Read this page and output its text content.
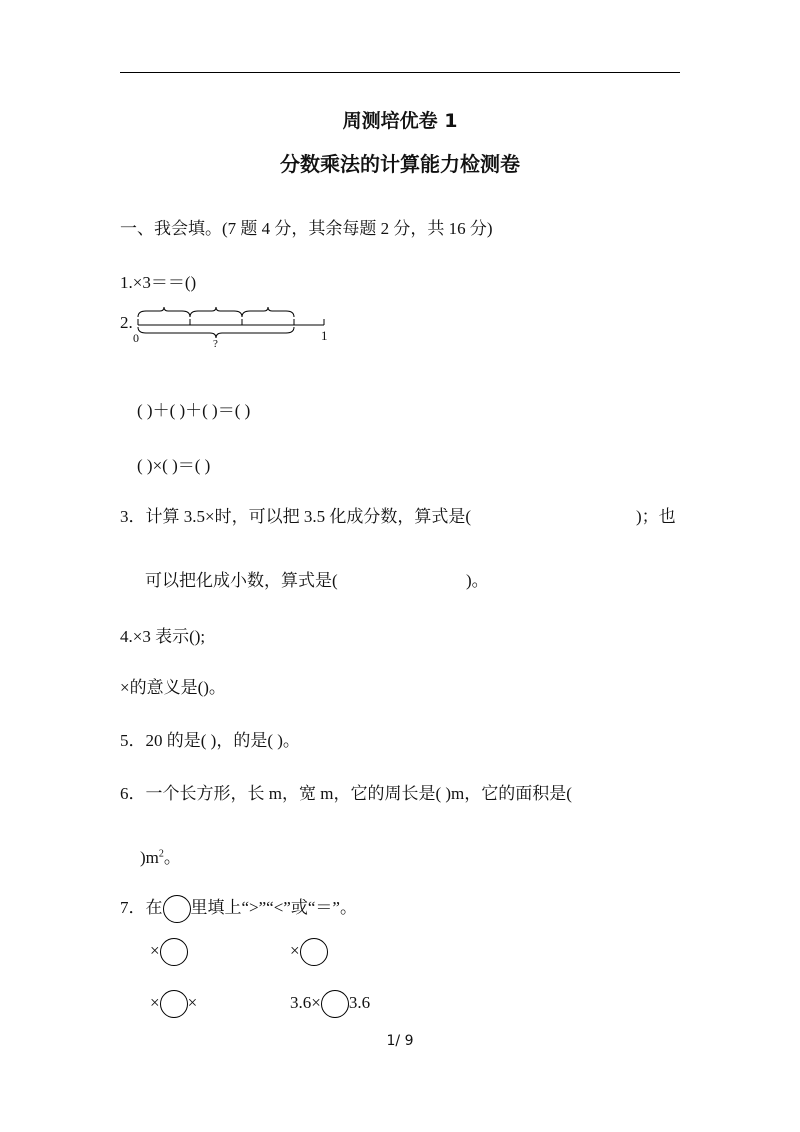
周测培优卷 1
分数乘法的计算能力检测卷
一、我会填。(7 题 4 分，其余每题 2 分，共 16 分)
1.×3＝＝()
2.
0	1
?
( )＋( )＋( )＝( )
( )×( )＝( )
3．计算 3.5×时，可以把 3.5 化成分数，算式是(	)；也
可以把化成小数，算式是(	)。
4.×3 表示();
×的意义是()。
5．20 的是( )，的是( )。
6．一个长方形，长 m，宽 m，它的周长是( )m，它的面积是(
)$m^2$。
7．在 里填上“>”“<”或“＝”。
×	×
× ×	3.6× 3.6
1/ 9
